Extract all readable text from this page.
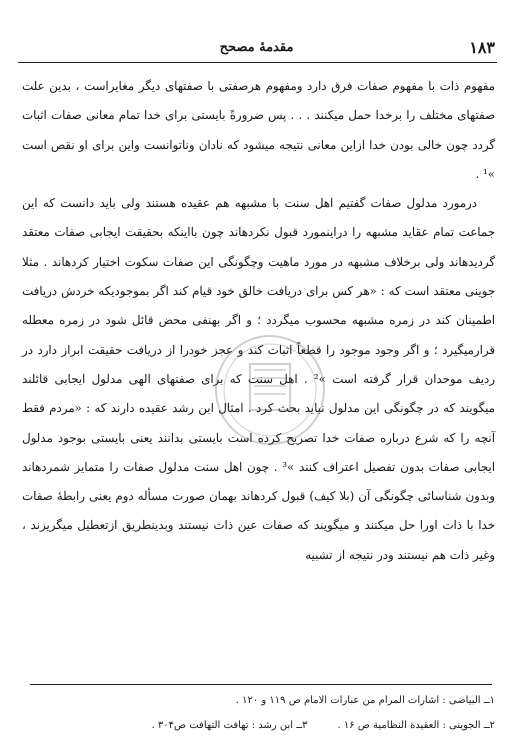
۱۸۳
مقدمهٔ مصحح

مفهوم ذات با مفهوم صفات فرق دارد ومفهوم هرصفتی با صفتهای دیگر مغایراست ، بدین علت صفتهای مختلف را برخدا حمل میکنند . . . پس ضرورةً بایستی برای خدا تمام معانی صفات اثبات گردد چون خالی بودن خدا ازاین معانی نتیجه میشود که نادان وناتوانست واین برای او نقص است »¹ .

درمورد مدلول صفات گفتیم اهل سنت با مشبهه هم عقیده هستند ولی باید دانست که این جماعت تمام عقاید مشبهه را دراینمورد قبول نکردهاند چون بااینکه بحقیقت ایجابی صفات معتقد گردیدهاند ولی برخلاف مشبهه در مورد ماهیت وچگونگی این صفات سکوت اختیار کردهاند . مثلا جوینی معتقد است که : «هر کس برای دریافت خالق خود قیام کند اگر بموجودیکه خردش دریافت اطمینان کند در زمره مشبهه محسوب میگردد ؛ و اگر بهنفی محض قائل شود در زمره معطله قرارمیگیرد ؛ و اگر وجود موجود را قطعاً اثبات کند و عجز خودرا از دریافت حقیقت ابراز دارد در ردیف موحدان قرار گرفته است »² . اهل سنت که برای صفتهای الهی مدلول ایجابی قائلند میگویند که در چگونگی این مدلول نباید بحث کرد . امثال ابن رشد عقیده دارند که : «مردم فقط آنچه را که شرع درباره صفات خدا تصریح کرده است بایستی بدانند یعنی بایستی بوجود مدلول ایجابی صفات بدون تفصیل اعتراف کنند »³ . چون اهل سنت مدلول صفات را متمایز شمردهاند وبدون شناسائی چگونگی آن (بلا کیف) قبول کردهاند بهمان صورت مسأله دوم یعنی رابطهٔ صفات خدا با ذات اورا حل میکنند و میگویند که صفات عین ذات نیستند وبدینطریق ازتعطیل میگریزند ، وغیر ذات هم نیستند ودر نتیجه از تشبیه

۱ــ البیاضی : اشارات المرام من عبارات الامام ص ۱۱۹ و ۱۲۰ .
۲ــ الجوینی : العقیدة النظامیة ص ۱۶ .۳ــ ابن رشد : تهافت التهافت ص۳۰۴ .
